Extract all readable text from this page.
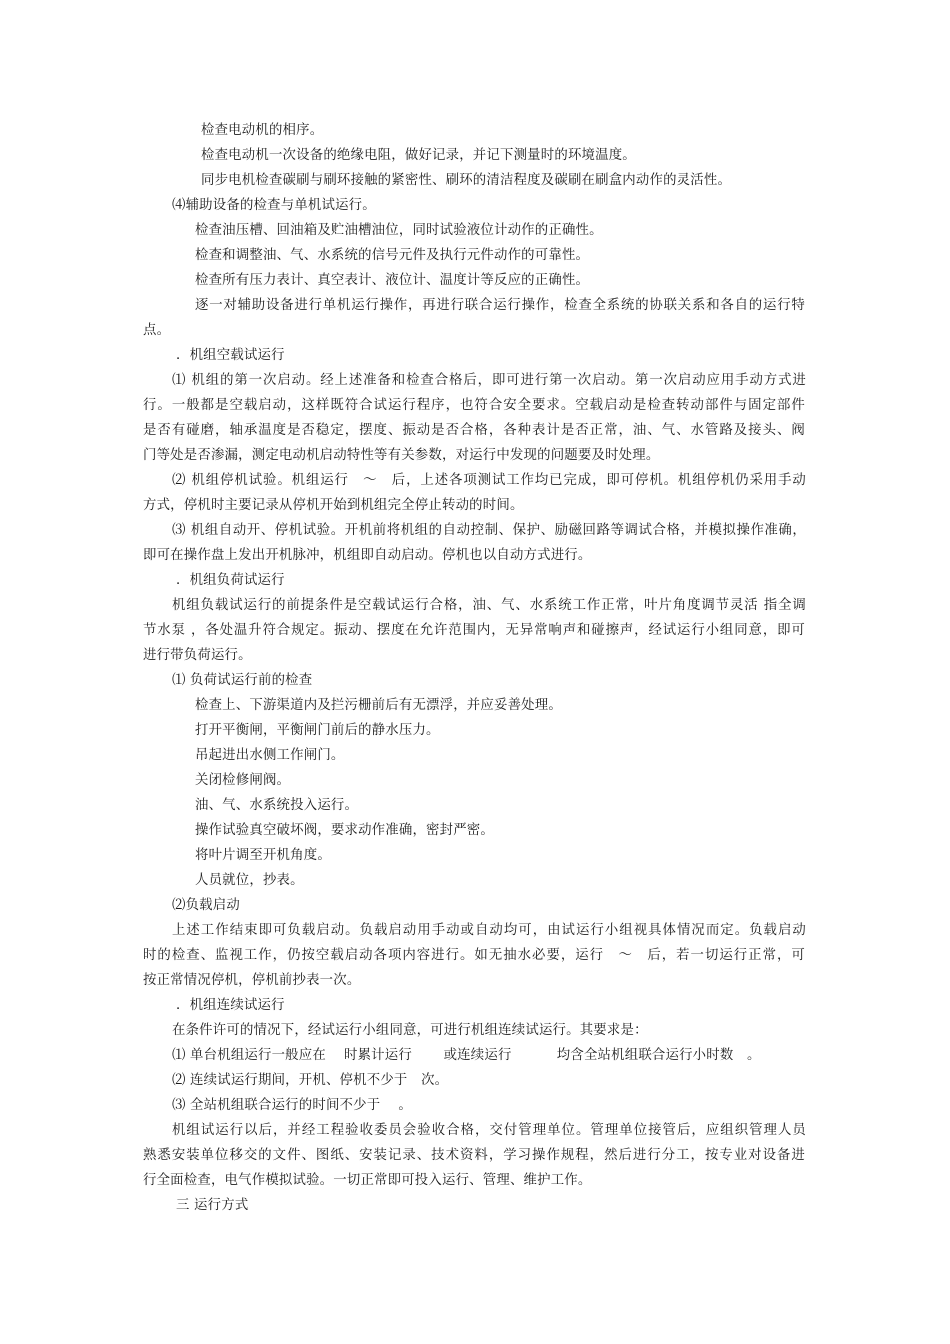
检查电动机的相序。

检查电动机一次设备的绝缘电阻，做好记录，并记下测量时的环境温度。

同步电机检查碳刷与刷环接触的紧密性、刷环的清洁程度及碳刷在刷盒内动作的灵活性。

⑷辅助设备的检查与单机试运行。

检查油压槽、回油箱及贮油槽油位，同时试验液位计动作的正确性。

检查和调整油、气、水系统的信号元件及执行元件动作的可靠性。

检查所有压力表计、真空表计、液位计、温度计等反应的正确性。

逐一对辅助设备进行单机运行操作，再进行联合运行操作，检查全系统的协联关系和各自的运行特

点。

．机组空载试运行

⑴ 机组的第一次启动。经上述准备和检查合格后，即可进行第一次启动。第一次启动应用手动方式进

行。一般都是空载启动，这样既符合试运行程序，也符合安全要求。空载启动是检查转动部件与固定部件

是否有碰磨，轴承温度是否稳定，摆度、振动是否合格，各种表计是否正常，油、气、水管路及接头、阀

门等处是否渗漏，测定电动机启动特性等有关参数，对运行中发现的问题要及时处理。

⑵ 机组停机试验。机组运行　～　后，上述各项测试工作均已完成，即可停机。机组停机仍采用手动

方式，停机时主要记录从停机开始到机组完全停止转动的时间。

⑶ 机组自动开、停机试验。开机前将机组的自动控制、保护、励磁回路等调试合格，并模拟操作准确，

即可在操作盘上发出开机脉冲，机组即自动启动。停机也以自动方式进行。

．机组负荷试运行

机组负载试运行的前提条件是空载试运行合格，油、气、水系统工作正常，叶片角度调节灵活 指全调

节水泵 ，各处温升符合规定。振动、摆度在允许范围内，无异常响声和碰擦声，经试运行小组同意，即可

进行带负荷运行。

⑴ 负荷试运行前的检查

检查上、下游渠道内及拦污栅前后有无漂浮，并应妥善处理。

打开平衡闸，平衡闸门前后的静水压力。

吊起进出水侧工作闸门。

关闭检修闸阀。

油、气、水系统投入运行。

操作试验真空破坏阀，要求动作准确，密封严密。

将叶片调至开机角度。

人员就位，抄表。

⑵负载启动

上述工作结束即可负载启动。负载启动用手动或自动均可，由试运行小组视具体情况而定。负载启动

时的检查、监视工作，仍按空载启动各项内容进行。如无抽水必要，运行　～　后，若一切运行正常，可

按正常情况停机，停机前抄表一次。

．机组连续试运行

在条件许可的情况下，经试运行小组同意，可进行机组连续试运行。其要求是：

⑴ 单台机组运行一般应在　 时累计运行　　 或连续运行　　　 均含全站机组联合运行小时数　。

⑵ 连续试运行期间，开机、停机不少于　次。

⑶ 全站机组联合运行的时间不少于　 。

机组试运行以后，并经工程验收委员会验收合格，交付管理单位。管理单位接管后，应组织管理人员

熟悉安装单位移交的文件、图纸、安装记录、技术资料，学习操作规程，然后进行分工，按专业对设备进

行全面检查，电气作模拟试验。一切正常即可投入运行、管理、维护工作。

三 运行方式
